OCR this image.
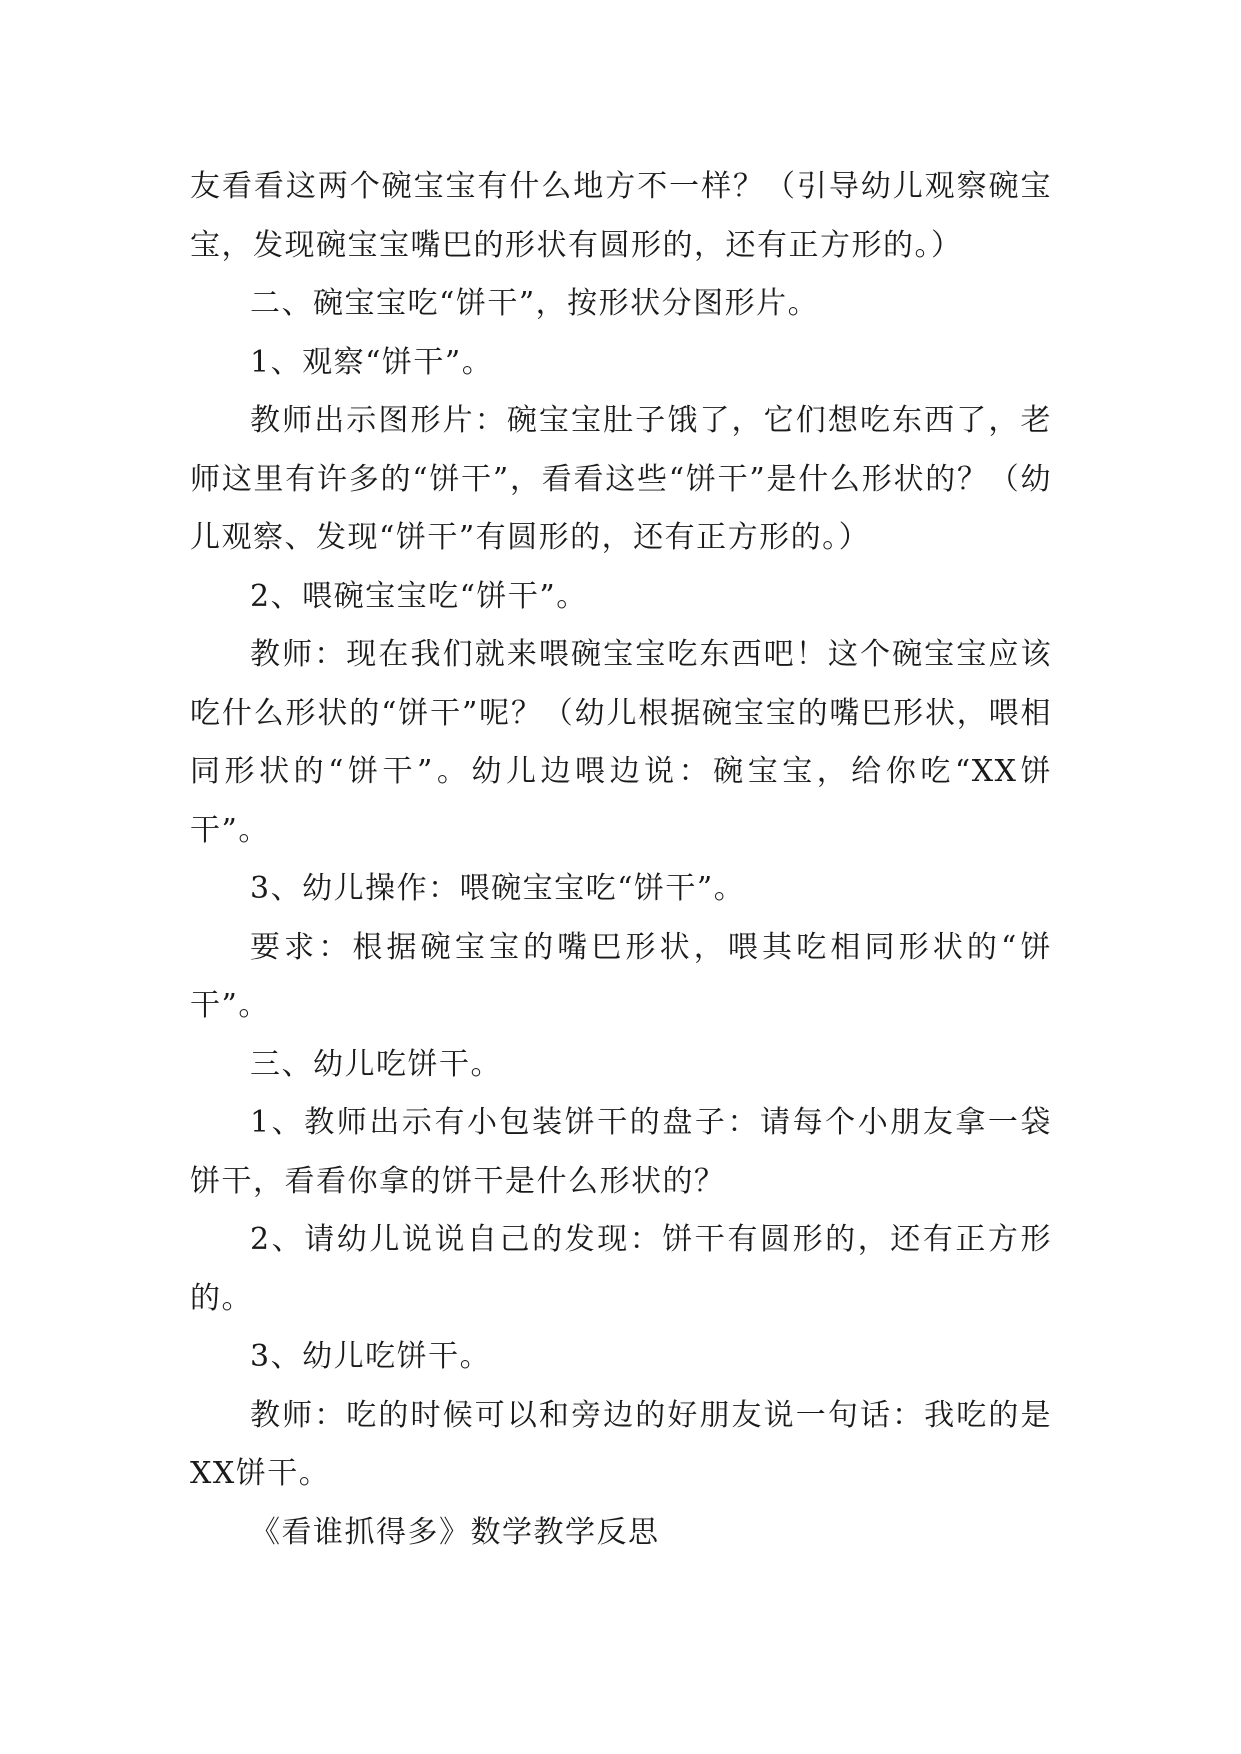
友看看这两个碗宝宝有什么地方不一样？（引导幼儿观察碗宝宝，发现碗宝宝嘴巴的形状有圆形的，还有正方形的。）

二、碗宝宝吃“饼干”，按形状分图形片。

1、观察“饼干”。

教师出示图形片：碗宝宝肚子饿了，它们想吃东西了，老师这里有许多的“饼干”，看看这些“饼干”是什么形状的？（幼儿观察、发现“饼干”有圆形的，还有正方形的。）

2、喂碗宝宝吃“饼干”。

教师：现在我们就来喂碗宝宝吃东西吧！这个碗宝宝应该吃什么形状的“饼干”呢？（幼儿根据碗宝宝的嘴巴形状，喂相同形状的“饼干”。幼儿边喂边说：碗宝宝，给你吃“XX饼干”。

3、幼儿操作：喂碗宝宝吃“饼干”。

要求：根据碗宝宝的嘴巴形状，喂其吃相同形状的“饼干”。

三、幼儿吃饼干。

1、教师出示有小包装饼干的盘子：请每个小朋友拿一袋饼干，看看你拿的饼干是什么形状的？

2、请幼儿说说自己的发现：饼干有圆形的，还有正方形的。

3、幼儿吃饼干。

教师：吃的时候可以和旁边的好朋友说一句话：我吃的是XX饼干。

《看谁抓得多》数学教学反思
